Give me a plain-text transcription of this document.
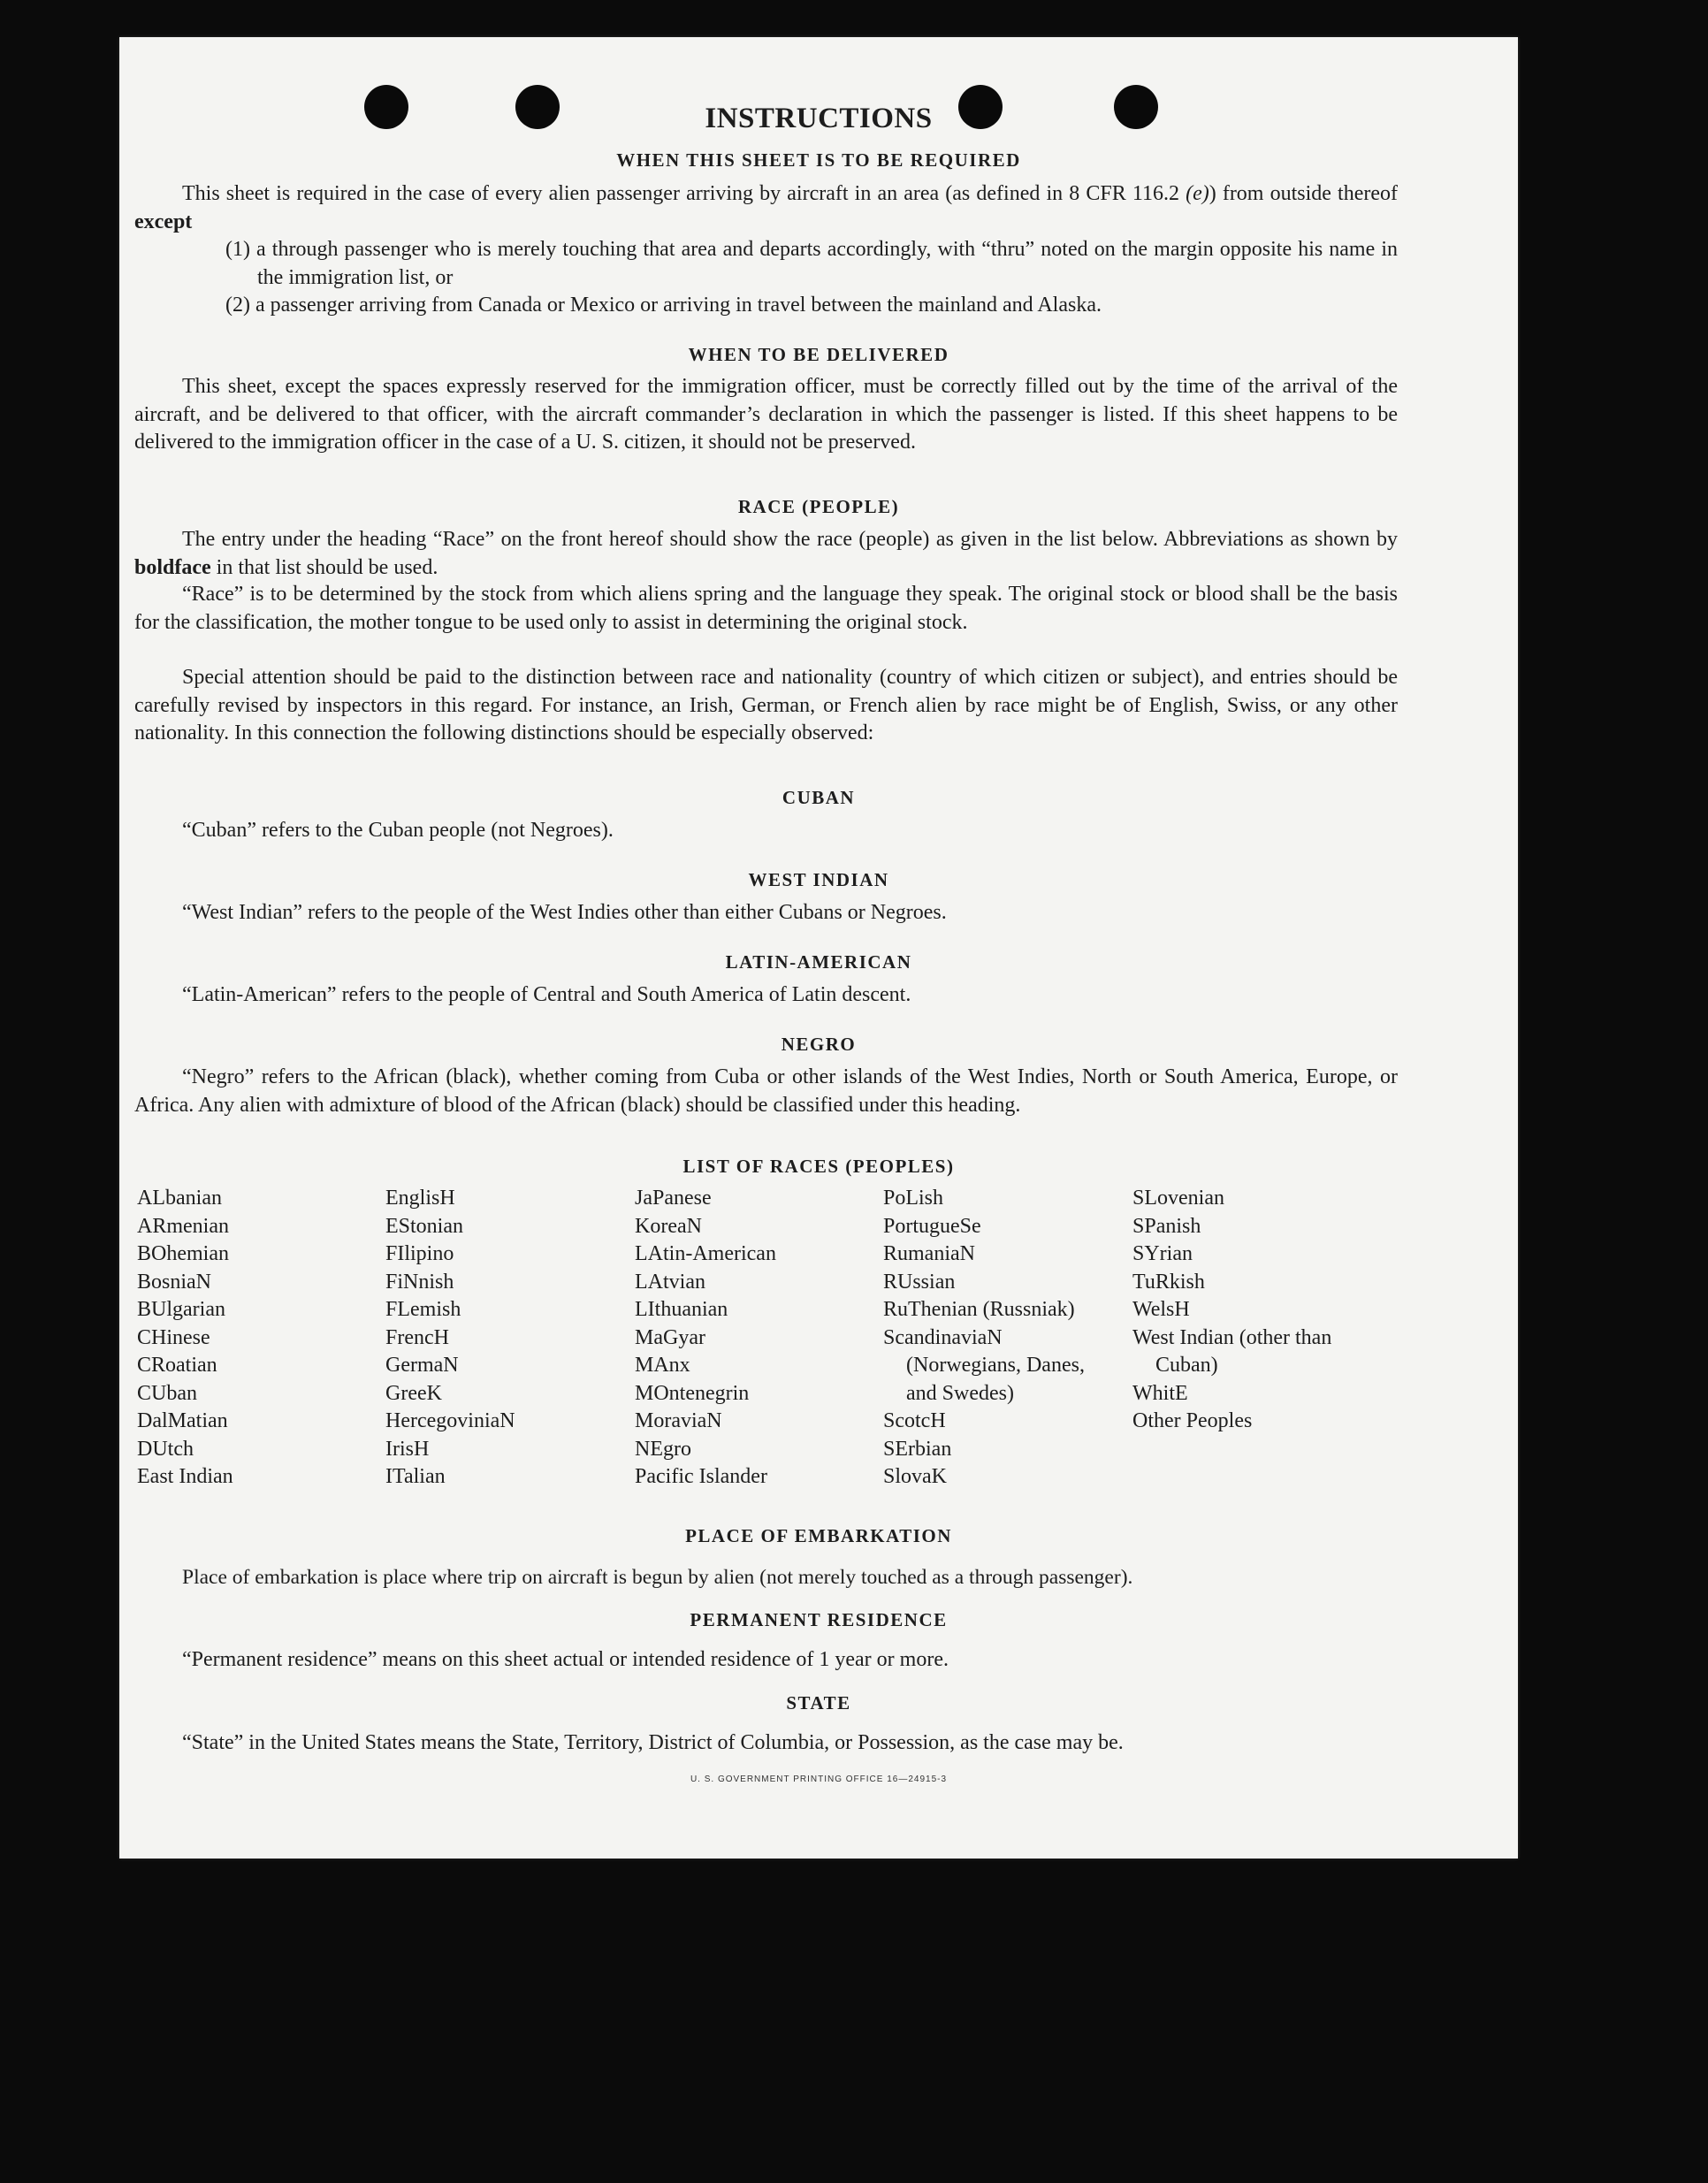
INSTRUCTIONS
WHEN THIS SHEET IS TO BE REQUIRED
This sheet is required in the case of every alien passenger arriving by aircraft in an area (as defined in 8 CFR 116.2 (e)) from outside thereof except
(1) a through passenger who is merely touching that area and departs accordingly, with “thru” noted on the margin opposite his name in the immigration list, or
(2) a passenger arriving from Canada or Mexico or arriving in travel between the mainland and Alaska.
WHEN TO BE DELIVERED
This sheet, except the spaces expressly reserved for the immigration officer, must be correctly filled out by the time of the arrival of the aircraft, and be delivered to that officer, with the aircraft commander’s declaration in which the passenger is listed. If this sheet happens to be delivered to the immigration officer in the case of a U. S. citizen, it should not be preserved.
RACE (PEOPLE)
The entry under the heading “Race” on the front hereof should show the race (people) as given in the list below. Abbreviations as shown by boldface in that list should be used.
“Race” is to be determined by the stock from which aliens spring and the language they speak. The original stock or blood shall be the basis for the classification, the mother tongue to be used only to assist in determining the original stock.
Special attention should be paid to the distinction between race and nationality (country of which citizen or subject), and entries should be carefully revised by inspectors in this regard. For instance, an Irish, German, or French alien by race might be of English, Swiss, or any other nationality. In this connection the following distinctions should be especially observed:
CUBAN
“Cuban” refers to the Cuban people (not Negroes).
WEST INDIAN
“West Indian” refers to the people of the West Indies other than either Cubans or Negroes.
LATIN-AMERICAN
“Latin-American” refers to the people of Central and South America of Latin descent.
NEGRO
“Negro” refers to the African (black), whether coming from Cuba or other islands of the West Indies, North or South America, Europe, or Africa. Any alien with admixture of blood of the African (black) should be classified under this heading.
LIST OF RACES (PEOPLES)
ALbanian
ARmenian
BOhemian
BosniaN
BUlgarian
CHinese
CRoatian
CUban
DalMatian
DUtch
East Indian
EnglisH
EStonian
FIlipino
FiNnish
FLemish
FrencH
GermaN
GreeK
HercegoviniaN
IrisH
ITalian
JaPanese
KoreaN
LAtin-American
LAtvian
LIthuanian
MaGyar
MAnx
MOntenegrin
MoraviaN
NEgro
Pacific Islander
PoLish
PortugueSe
RumaniaN
RUssian
RuThenian (Russniak)
ScandinaviaN (Norwegians, Danes, and Swedes)
ScotcH
SErbian
SlovaK
SLovenian
SPanish
SYrian
TuRkish
WelsH
West Indian (other than Cuban)
WhitE
Other Peoples
PLACE OF EMBARKATION
Place of embarkation is place where trip on aircraft is begun by alien (not merely touched as a through passenger).
PERMANENT RESIDENCE
“Permanent residence” means on this sheet actual or intended residence of 1 year or more.
STATE
“State” in the United States means the State, Territory, District of Columbia, or Possession, as the case may be.
U. S. GOVERNMENT PRINTING OFFICE 16—24915-3
